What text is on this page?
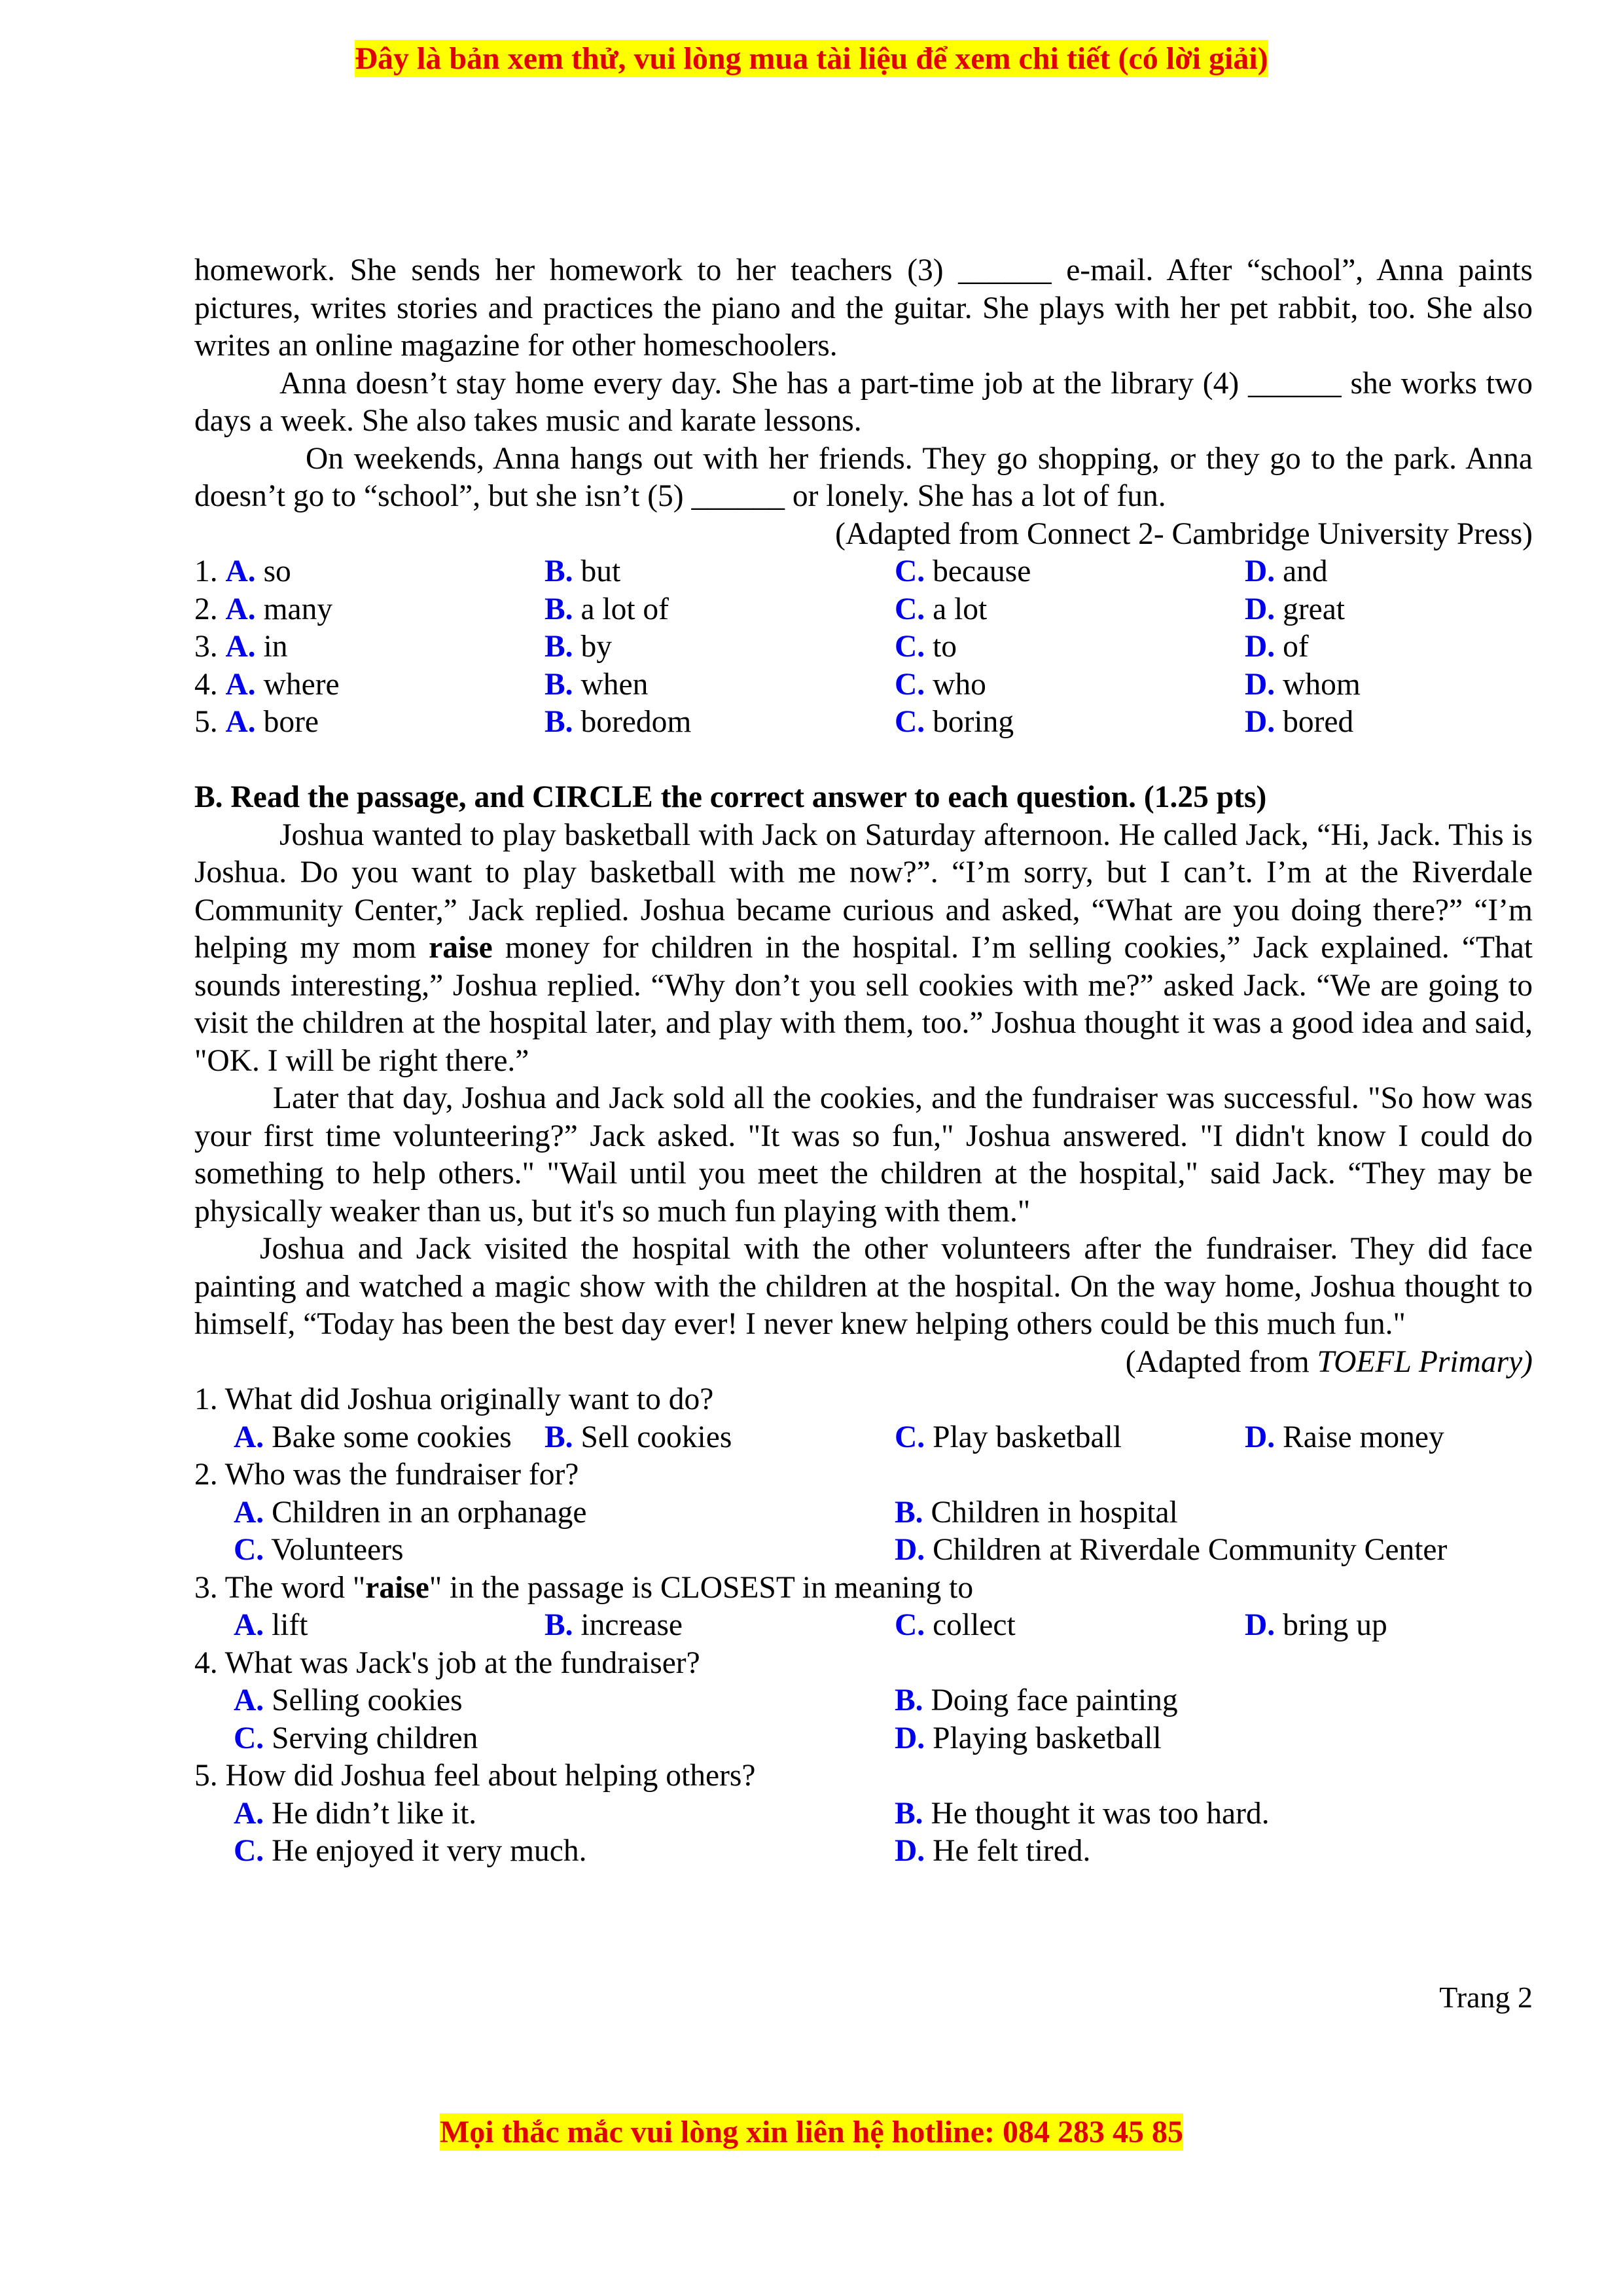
Đây là bản xem thử, vui lòng mua tài liệu để xem chi tiết (có lời giải)

homework. She sends her homework to her teachers (3) ______ e-mail. After “school”, Anna paints pictures, writes stories and practices the piano and the guitar. She plays with her pet rabbit, too. She also writes an online magazine for other homeschoolers.

Anna doesn’t stay home every day. She has a part-time job at the library (4) ______ she works two days a week. She also takes music and karate lessons.

On weekends, Anna hangs out with her friends. They go shopping, or they go to the park. Anna doesn’t go to “school”, but she isn’t (5) ______ or lonely. She has a lot of fun.

(Adapted from Connect 2- Cambridge University Press)

1. A. so	B. but	C. because	D. and
2. A. many	B. a lot of	C. a lot	D. great
3. A. in	B. by	C. to	D. of
4. A. where	B. when	C. who	D. whom
5. A. bore	B. boredom	C. boring	D. bored

B. Read the passage, and CIRCLE the correct answer to each question. (1.25 pts)

Joshua wanted to play basketball with Jack on Saturday afternoon. He called Jack, “Hi, Jack. This is Joshua. Do you want to play basketball with me now?”. “I’m sorry, but I can’t. I’m at the Riverdale Community Center,” Jack replied. Joshua became curious and asked, “What are you doing there?” “I’m helping my mom raise money for children in the hospital. I’m selling cookies,” Jack explained. “That sounds interesting,” Joshua replied. “Why don’t you sell cookies with me?” asked Jack. “We are going to visit the children at the hospital later, and play with them, too.” Joshua thought it was a good idea and said, "OK. I will be right there.”

Later that day, Joshua and Jack sold all the cookies, and the fundraiser was successful. "So how was your first time volunteering?” Jack asked. "It was so fun," Joshua answered. "I didn't know I could do something to help others." "Wail until you meet the children at the hospital," said Jack. “They may be physically weaker than us, but it's so much fun playing with them."

Joshua and Jack visited the hospital with the other volunteers after the fundraiser. They did face painting and watched a magic show with the children at the hospital. On the way home, Joshua thought to himself, “Today has been the best day ever! I never knew helping others could be this much fun."

(Adapted from TOEFL Primary)

1. What did Joshua originally want to do?
A. Bake some cookies	B. Sell cookies	C. Play basketball	D. Raise money
2. Who was the fundraiser for?
A. Children in an orphanage	B. Children in hospital
C. Volunteers	D. Children at Riverdale Community Center
3. The word " raise " in the passage is CLOSEST in meaning to
A. lift	B. increase	C. collect	D. bring up
4. What was Jack's job at the fundraiser?
A. Selling cookies	B. Doing face painting
C. Serving children	D. Playing basketball
5. How did Joshua feel about helping others?
A. He didn’t like it.	B. He thought it was too hard.
C. He enjoyed it very much.	D. He felt tired.
Trang 2
Mọi thắc mắc vui lòng xin liên hệ hotline: 084 283 45 85
